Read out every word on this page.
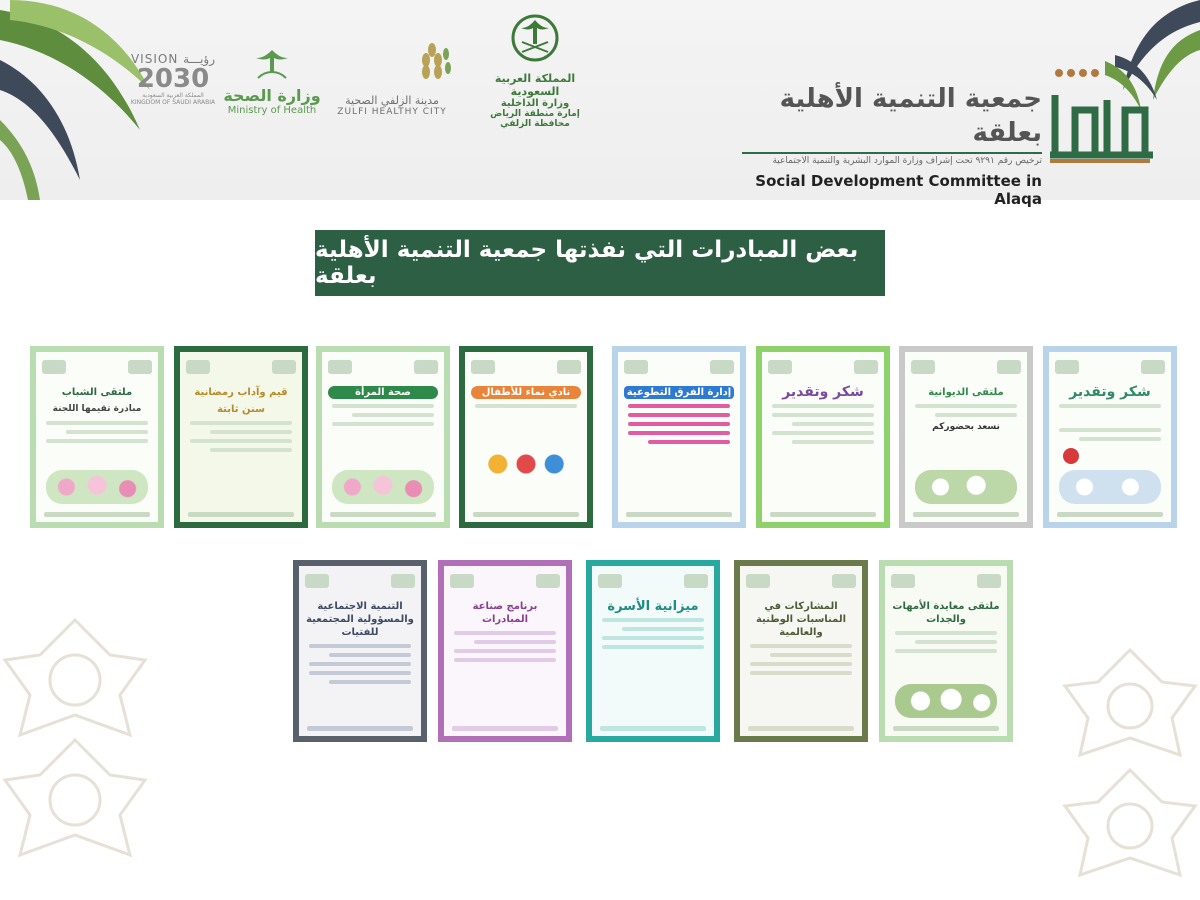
VISION رؤيـــة
2030
المملكة العربية السعودية KINGDOM OF SAUDI ARABIA وزارة الصحة
Ministry of Health
مدينة الزلفي الصحية
ZULFI HEALTHY CITY
المملكة العربية السعودية
وزارة الداخلية
إمارة منطقة الرياض
محافظة الزلفي
جمعية التنمية الأهلية بعلقة
ترخيص رقم ٩٢٩١ تحت إشراف وزارة الموارد البشرية والتنمية الاجتماعية
Social Development Committee in Alaqa
بعض المبادرات التي نفذتها جمعية التنمية الأهلية بعلقة
ملتقى الشباب
مبادرة تقيمها اللجنة
قيم وآداب رمضانية
سنن ثابتة
صحة المرأة	نادي نماء للأطفال	إدارة الفرق التطوعية	شكر وتقدير	ملتقى الديوانية
نسعد بحضوركم
شكر وتقدير
التنمية الاجتماعية والمسؤولية المجتمعية للفتيات
برنامج صناعة المبادرات
ميزانية الأسرة	المشاركات في المناسبات الوطنية والعالمية
ملتقى معايدة الأمهات والجدات
